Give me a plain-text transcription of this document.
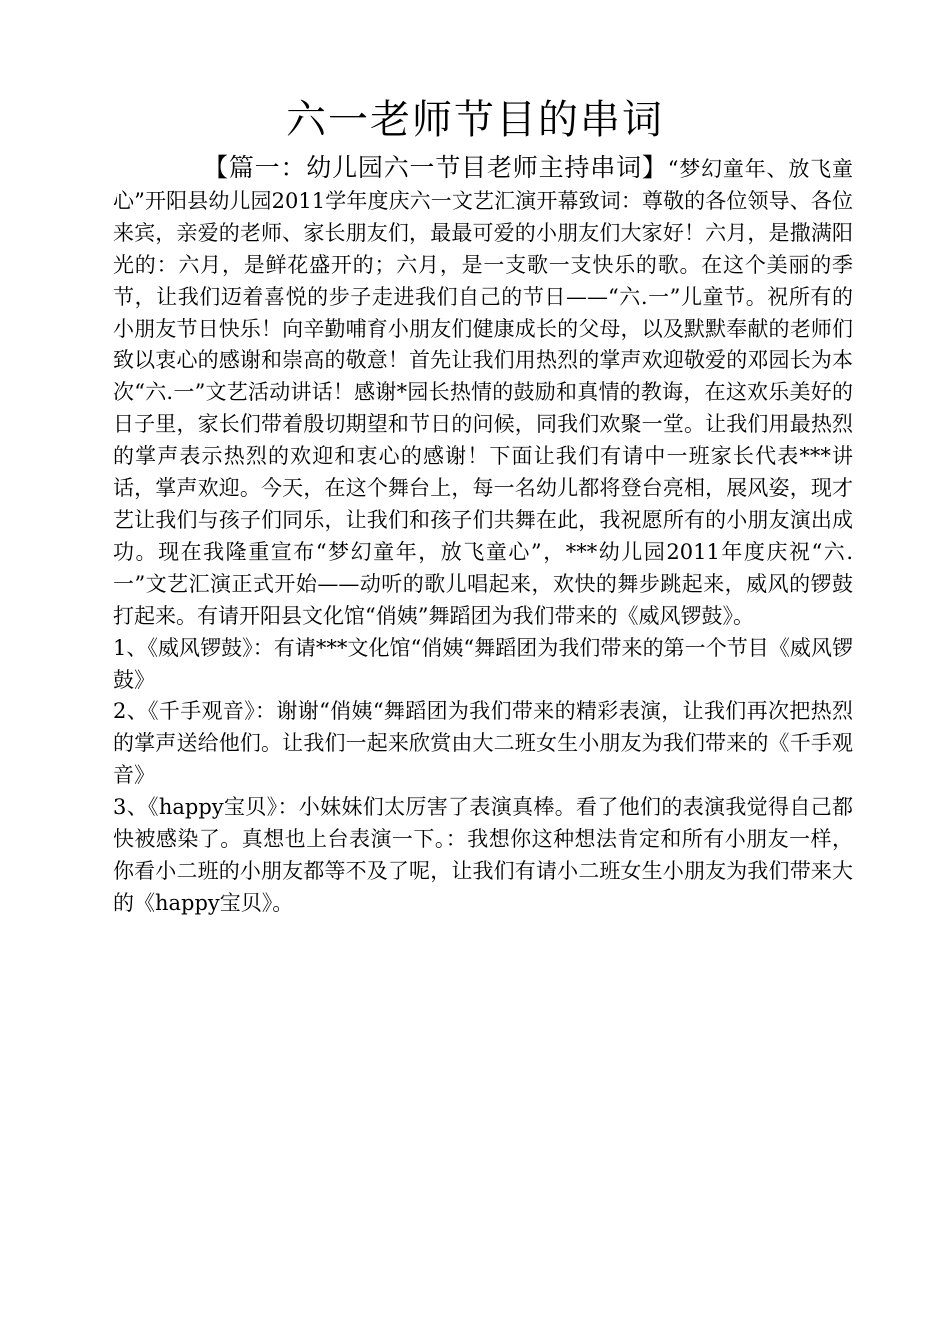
六一老师节目的串词

【篇一：幼儿园六一节目老师主持串词】“梦幻童年、放飞童心”开阳县幼儿园2011学年度庆六一文艺汇演开幕致词：尊敬的各位领导、各位来宾，亲爱的老师、家长朋友们，最最可爱的小朋友们大家好！六月，是撒满阳光的：六月，是鲜花盛开的；六月，是一支歌一支快乐的歌。在这个美丽的季节，让我们迈着喜悦的步子走进我们自己的节日——“六.一”儿童节。祝所有的小朋友节日快乐！向辛勤哺育小朋友们健康成长的父母，以及默默奉献的老师们致以衷心的感谢和崇高的敬意！首先让我们用热烈的掌声欢迎敬爱的邓园长为本次“六.一”文艺活动讲话！感谢*园长热情的鼓励和真情的教诲，在这欢乐美好的日子里，家长们带着殷切期望和节日的问候，同我们欢聚一堂。让我们用最热烈的掌声表示热烈的欢迎和衷心的感谢！下面让我们有请中一班家长代表***讲话，掌声欢迎。今天，在这个舞台上，每一名幼儿都将登台亮相，展风姿，现才艺让我们与孩子们同乐，让我们和孩子们共舞在此，我祝愿所有的小朋友演出成功。现在我隆重宣布“梦幻童年，放飞童心”，***幼儿园2011年度庆祝“六.一”文艺汇演正式开始——动听的歌儿唱起来，欢快的舞步跳起来，威风的锣鼓打起来。有请开阳县文化馆“俏姨”舞蹈团为我们带来的《威风锣鼓》。

1、《威风锣鼓》：有请***文化馆“俏姨“舞蹈团为我们带来的第一个节目《威风锣鼓》

2、《千手观音》：谢谢“俏姨“舞蹈团为我们带来的精彩表演，让我们再次把热烈的掌声送给他们。让我们一起来欣赏由大二班女生小朋友为我们带来的《千手观音》

3、《happy宝贝》：小妹妹们太厉害了表演真棒。看了他们的表演我觉得自己都快被感染了。真想也上台表演一下。：我想你这种想法肯定和所有小朋友一样，你看小二班的小朋友都等不及了呢，让我们有请小二班女生小朋友为我们带来大的《happy宝贝》。
